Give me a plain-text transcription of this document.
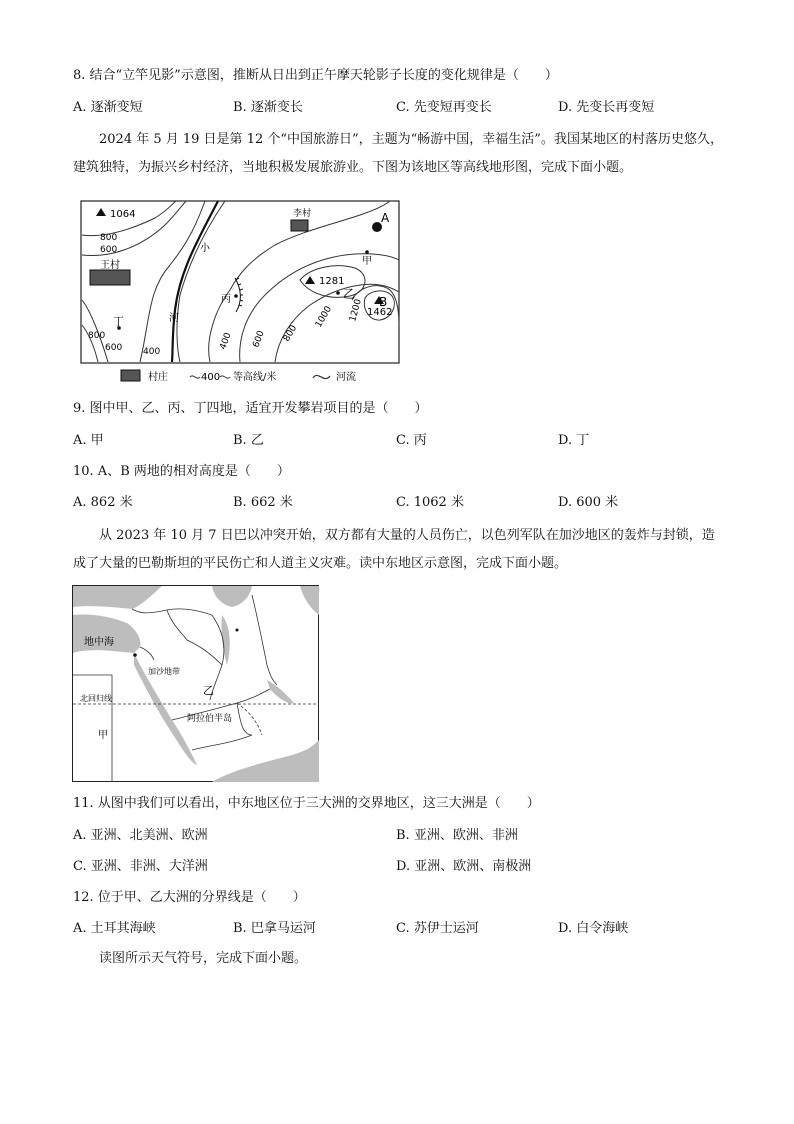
8. 结合“立竿见影”示意图，推断从日出到正午摩天轮影子长度的变化规律是（　　）
A. 逐渐变短	B. 逐渐变长	C. 先变短再变长	D. 先变长再变短
2024 年 5 月 19 日是第 12 个“中国旅游日”，主题为“畅游中国，幸福生活”。我国某地区的村落历史悠久，建筑独特，为振兴乡村经济，当地积极发展旅游业。下图为该地区等高线地形图，完成下面小题。
1064
1281
1462
王村
李村	A
B
甲
乙
丙
丁
小
河
800
600
800
600 400
400 600 800
1000 1200
村庄	400 等高线/米	河流
9. 图中甲、乙、丙、丁四地，适宜开发攀岩项目的是（　　）
A. 甲	B. 乙	C. 丙	D. 丁
10. A、B 两地的相对高度是（　　）
A. 862 米	B. 662 米	C. 1062 米	D. 600 米
从 2023 年 10 月 7 日巴以冲突开始，双方都有大量的人员伤亡，以色列军队在加沙地区的轰炸与封锁，造成了大量的巴勒斯坦的平民伤亡和人道主义灾难。读中东地区示意图，完成下面小题。
地中海
加沙地带
乙
北回归线
阿拉伯半岛
甲
11. 从图中我们可以看出，中东地区位于三大洲的交界地区，这三大洲是（　　）
A. 亚洲、北美洲、欧洲	B. 亚洲、欧洲、非洲
C. 亚洲、非洲、大洋洲	D. 亚洲、欧洲、南极洲
12. 位于甲、乙大洲的分界线是（　　）
A. 土耳其海峡	B. 巴拿马运河	C. 苏伊士运河	D. 白令海峡
读图所示天气符号，完成下面小题。
